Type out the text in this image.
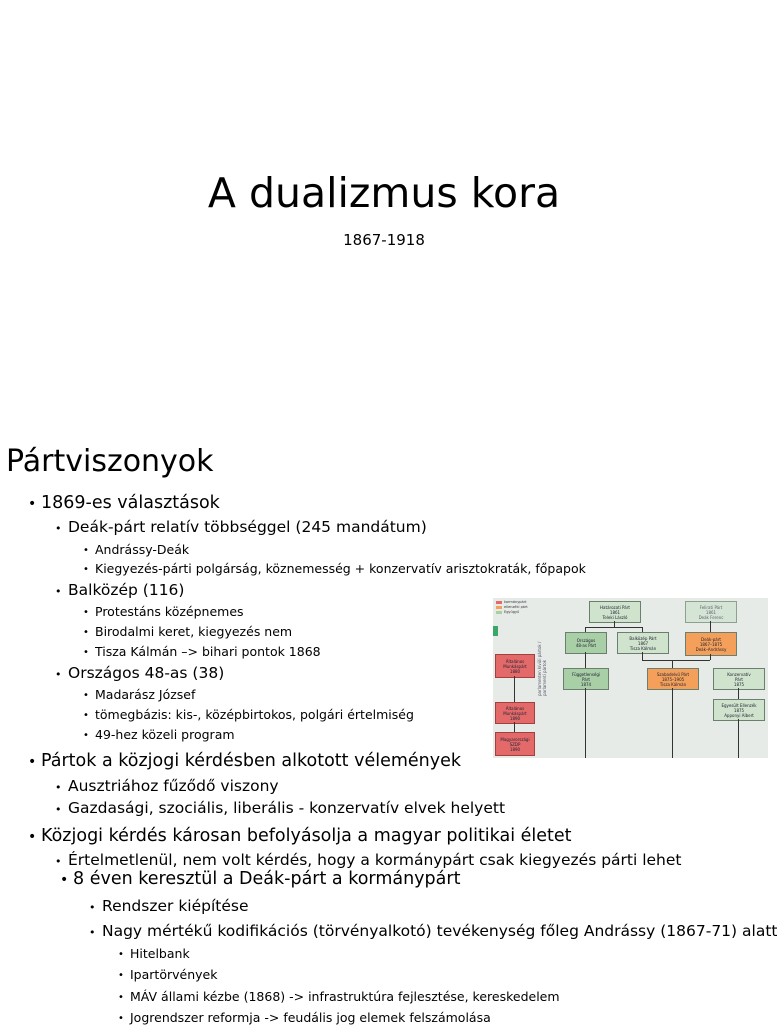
A dualizmus kora
1867-1918
Pártviszonyok
• 1869-es választások
• Deák-párt relatív többséggel (245 mandátum)
• Andrássy-Deák
• Kiegyezés-párti polgárság, köznemesség + konzervatív arisztokraták, főpapok
• Balközép (116)
• Protestáns középnemes
• Birodalmi keret, kiegyezés nem
• Tisza Kálmán –> bihari pontok 1868
• Országos 48-as (38)
• Madarász József
• tömegbázis: kis-, középbirtokos, polgári értelmiség
• 49-hez közeli program
• Pártok a közjogi kérdésben alkotott vélemények
• Ausztriához fűződő viszony
• Gazdasági, szociális, liberális - konzervatív elvek helyett
• Közjogi kérdés károsan befolyásolja a magyar politikai életet
• Értelmetlenül, nem volt kérdés, hogy a kormánypárt csak kiegyezés párti lehet
• 8 éven keresztül a Deák-párt a kormánypárt
• Rendszer kiépítése
• Nagy mértékű kodifikációs (törvényalkotó) tevékenység főleg Andrássy (1867-71) alatt
• Hitelbank
• Ipartörvények
• MÁV állami kézbe (1868) -> infrastruktúra fejlesztése, kereskedelem
• Jogrendszer reformja -> feudális jog elemek felszámolása
kormánypárt
ellenzéki párt
Együgyű
parlamenten kívüli pártok / parlamenti pártok
Határozati Párt
1861
Teleki László
Felirati Párt
1861
Deák Ferenc
Országos
48-as Párt
Balközép Párt
1867
Tisza Kálmán
Deák-párt
1867–1875
Deák–Andrássy
Függetlenségi
Párt
1874
Szabadelvű Párt
1875–1905
Tisza Kálmán
Konzervatív
Párt
1875
Egyesült Ellenzék
1875
Apponyi Albert
Általános
Munkáspárt
1880
Általános
Munkáspárt
1890
Magyarországi
SZDP
1890
